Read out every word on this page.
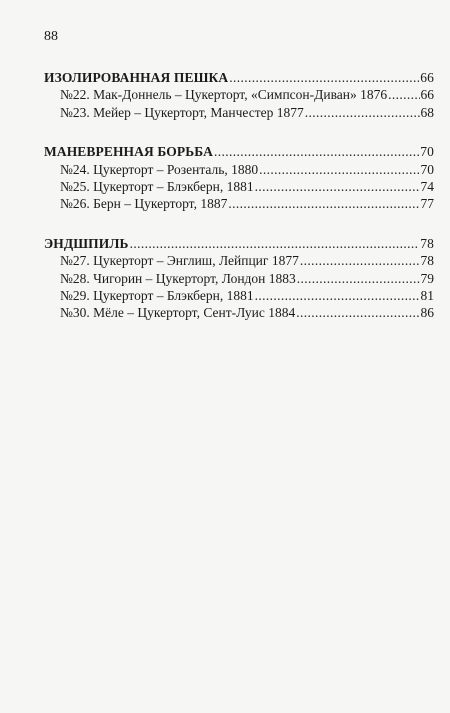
88
ИЗОЛИРОВАННАЯ ПЕШКА . . .	66
№22. Мак-Доннель – Цукерторт, «Симпсон-Диван» 1876 . . . 66
№23. Мейер – Цукерторт, Манчестер 1877 . . .	68
МАНЕВРЕННАЯ БОРЬБА . . .	70
№24. Цукерторт – Розенталь, 1880 . . .	70
№25. Цукерторт – Блэкберн, 1881 . . .	74
№26. Берн – Цукерторт, 1887 . . .	77
ЭНДШПИЛЬ . . .	78
№27. Цукерторт – Энглиш, Лейпциг 1877 . . .	78
№28. Чигорин – Цукерторт, Лондон 1883 . . .	79
№29. Цукерторт – Блэкберн, 1881 . . .	81
№30. Мёле – Цукерторт, Сент-Луис 1884 . . .	86
